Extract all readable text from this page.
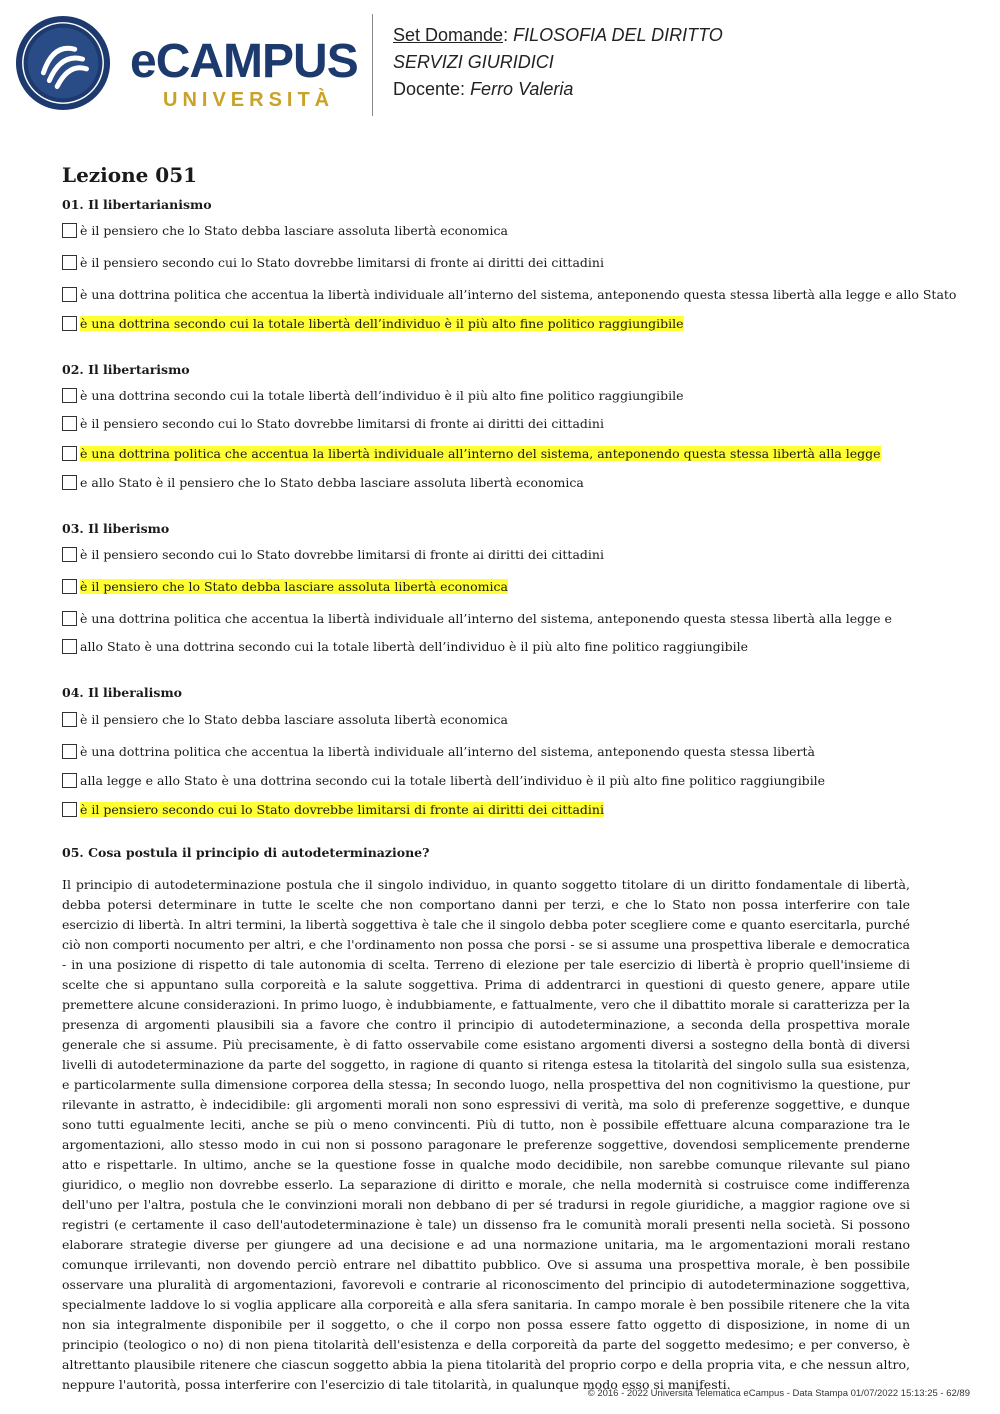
eCAMPUS
UNIVERSITÀ
Set Domande: FILOSOFIA DEL DIRITTO
SERVIZI GIURIDICI
Docente: Ferro Valeria
Lezione 051
01. Il libertarianismo
è il pensiero che lo Stato debba lasciare assoluta libertà economica
è il pensiero secondo cui lo Stato dovrebbe limitarsi di fronte ai diritti dei cittadini
è una dottrina politica che accentua la libertà individuale all’interno del sistema, anteponendo questa stessa libertà alla legge e allo Stato
è una dottrina secondo cui la totale libertà dell’individuo è il più alto fine politico raggiungibile
02. Il libertarismo
è una dottrina secondo cui la totale libertà dell’individuo è il più alto fine politico raggiungibile
è il pensiero secondo cui lo Stato dovrebbe limitarsi di fronte ai diritti dei cittadini
è una dottrina politica che accentua la libertà individuale all’interno del sistema, anteponendo questa stessa libertà alla legge
e allo Stato è il pensiero che lo Stato debba lasciare assoluta libertà economica
03. Il liberismo
è il pensiero secondo cui lo Stato dovrebbe limitarsi di fronte ai diritti dei cittadini
è il pensiero che lo Stato debba lasciare assoluta libertà economica
è una dottrina politica che accentua la libertà individuale all’interno del sistema, anteponendo questa stessa libertà alla legge e
allo Stato è una dottrina secondo cui la totale libertà dell’individuo è il più alto fine politico raggiungibile
04. Il liberalismo
è il pensiero che lo Stato debba lasciare assoluta libertà economica
è una dottrina politica che accentua la libertà individuale all’interno del sistema, anteponendo questa stessa libertà
alla legge e allo Stato è una dottrina secondo cui la totale libertà dell’individuo è il più alto fine politico raggiungibile
è il pensiero secondo cui lo Stato dovrebbe limitarsi di fronte ai diritti dei cittadini
05. Cosa postula il principio di autodeterminazione?
Il principio di autodeterminazione postula che il singolo individuo, in quanto soggetto titolare di un diritto fondamentale di libertà, debba potersi determinare in tutte le scelte che non comportano danni per terzi, e che lo Stato non possa interferire con tale esercizio di libertà. In altri termini, la libertà soggettiva è tale che il singolo debba poter scegliere come e quanto esercitarla, purché ciò non comporti nocumento per altri, e che l'ordinamento non possa che porsi - se si assume una prospettiva liberale e democratica - in una posizione di rispetto di tale autonomia di scelta. Terreno di elezione per tale esercizio di libertà è proprio quell'insieme di scelte che si appuntano sulla corporeità e la salute soggettiva. Prima di addentrarci in questioni di questo genere, appare utile premettere alcune considerazioni. In primo luogo, è indubbiamente, e fattualmente, vero che il dibattito morale si caratterizza per la presenza di argomenti plausibili sia a favore che contro il principio di autodeterminazione, a seconda della prospettiva morale generale che si assume. Più precisamente, è di fatto osservabile come esistano argomenti diversi a sostegno della bontà di diversi livelli di autodeterminazione da parte del soggetto, in ragione di quanto si ritenga estesa la titolarità del singolo sulla sua esistenza, e particolarmente sulla dimensione corporea della stessa; In secondo luogo, nella prospettiva del non cognitivismo la questione, pur rilevante in astratto, è indecidibile: gli argomenti morali non sono espressivi di verità, ma solo di preferenze soggettive, e dunque sono tutti egualmente leciti, anche se più o meno convincenti. Più di tutto, non è possibile effettuare alcuna comparazione tra le argomentazioni, allo stesso modo in cui non si possono paragonare le preferenze soggettive, dovendosi semplicemente prenderne atto e rispettarle. In ultimo, anche se la questione fosse in qualche modo decidibile, non sarebbe comunque rilevante sul piano giuridico, o meglio non dovrebbe esserlo. La separazione di diritto e morale, che nella modernità si costruisce come indifferenza dell'uno per l'altra, postula che le convinzioni morali non debbano di per sé tradursi in regole giuridiche, a maggior ragione ove si registri (e certamente il caso dell'autodeterminazione è tale) un dissenso fra le comunità morali presenti nella società. Si possono elaborare strategie diverse per giungere ad una decisione e ad una normazione unitaria, ma le argomentazioni morali restano comunque irrilevanti, non dovendo perciò entrare nel dibattito pubblico. Ove si assuma una prospettiva morale, è ben possibile osservare una pluralità di argomentazioni, favorevoli e contrarie al riconoscimento del principio di autodeterminazione soggettiva, specialmente laddove lo si voglia applicare alla corporeità e alla sfera sanitaria. In campo morale è ben possibile ritenere che la vita non sia integralmente disponibile per il soggetto, o che il corpo non possa essere fatto oggetto di disposizione, in nome di un principio (teologico o no) di non piena titolarità dell'esistenza e della corporeità da parte del soggetto medesimo; e per converso, è altrettanto plausibile ritenere che ciascun soggetto abbia la piena titolarità del proprio corpo e della propria vita, e che nessun altro, neppure l'autorità, possa interferire con l'esercizio di tale titolarità, in qualunque modo esso si manifesti.
© 2016 - 2022 Università Telematica eCampus - Data Stampa 01/07/2022 15:13:25 - 62/89
